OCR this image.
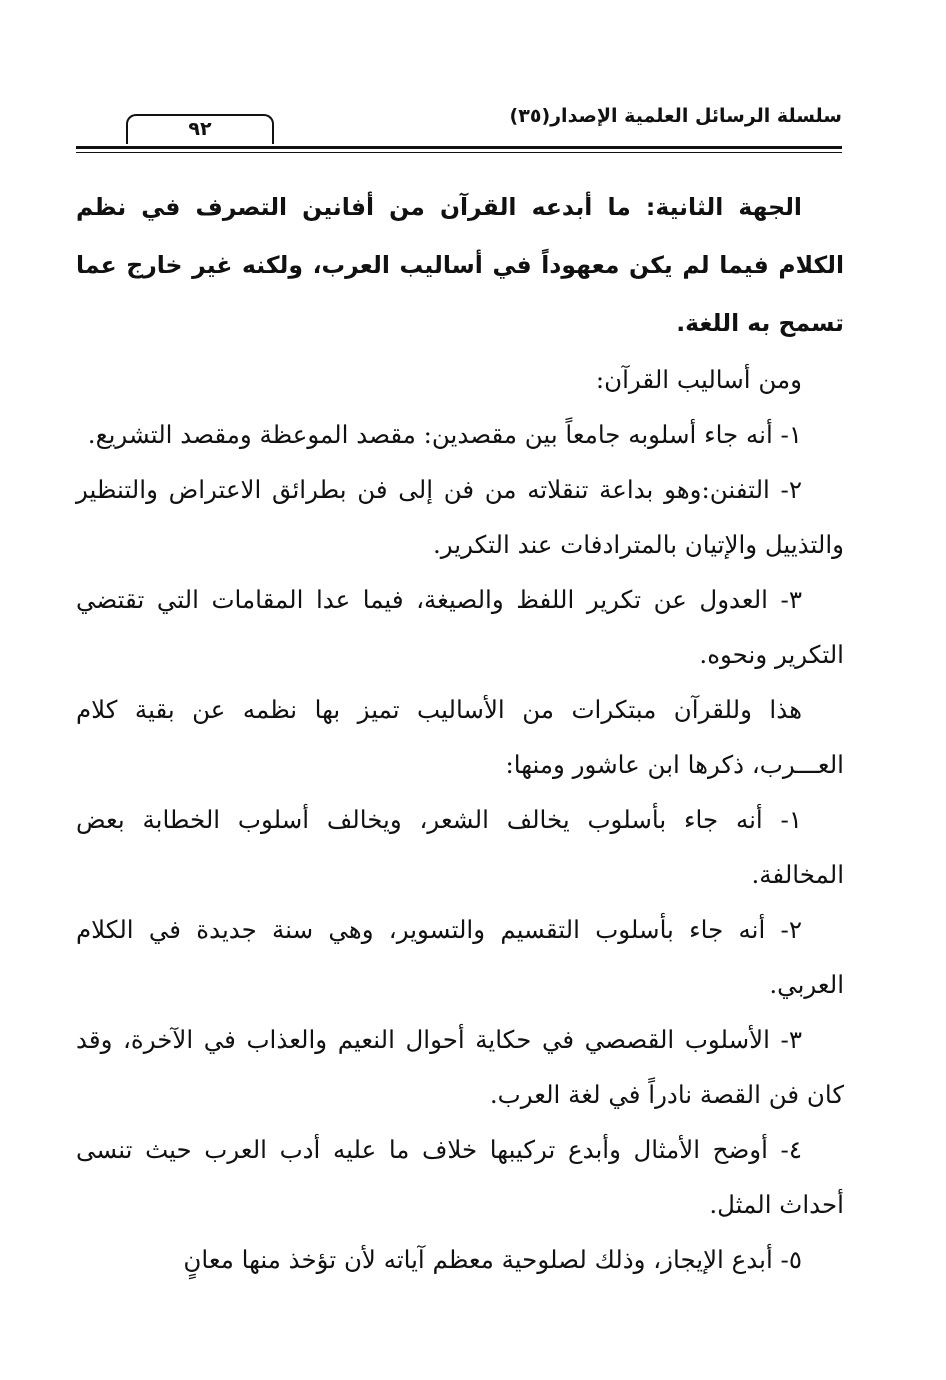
سلسلة الرسائل العلمية الإصدار(٣٥)
٩٢

الجهة الثانية: ما أبدعه القرآن من أفانين التصرف في نظم الكلام فيما لم يكن معهوداً في أساليب العرب، ولكنه غير خارج عما تسمح به اللغة.

ومن أساليب القرآن:

١- أنه جاء أسلوبه جامعاً بين مقصدين: مقصد الموعظة ومقصد التشريع.

٢- التفنن:وهو بداعة تنقلاته من فن إلى فن بطرائق الاعتراض والتنظير والتذييل والإتيان بالمترادفات عند التكرير.

٣- العدول عن تكرير اللفظ والصيغة، فيما عدا المقامات التي تقتضي التكرير ونحوه.

هذا وللقرآن مبتكرات من الأساليب تميز بها نظمه عن بقية كلام العـــرب، ذكرها ابن عاشور ومنها:

١- أنه جاء بأسلوب يخالف الشعر، ويخالف أسلوب الخطابة بعض المخالفة.

٢- أنه جاء بأسلوب التقسيم والتسوير، وهي سنة جديدة في الكلام العربي.

٣- الأسلوب القصصي في حكاية أحوال النعيم والعذاب في الآخرة، وقد كان فن القصة نادراً في لغة العرب.

٤- أوضح الأمثال وأبدع تركيبها خلاف ما عليه أدب العرب حيث تنسى أحداث المثل.

٥- أبدع الإيجاز، وذلك لصلوحية معظم آياته لأن تؤخذ منها معانٍ
